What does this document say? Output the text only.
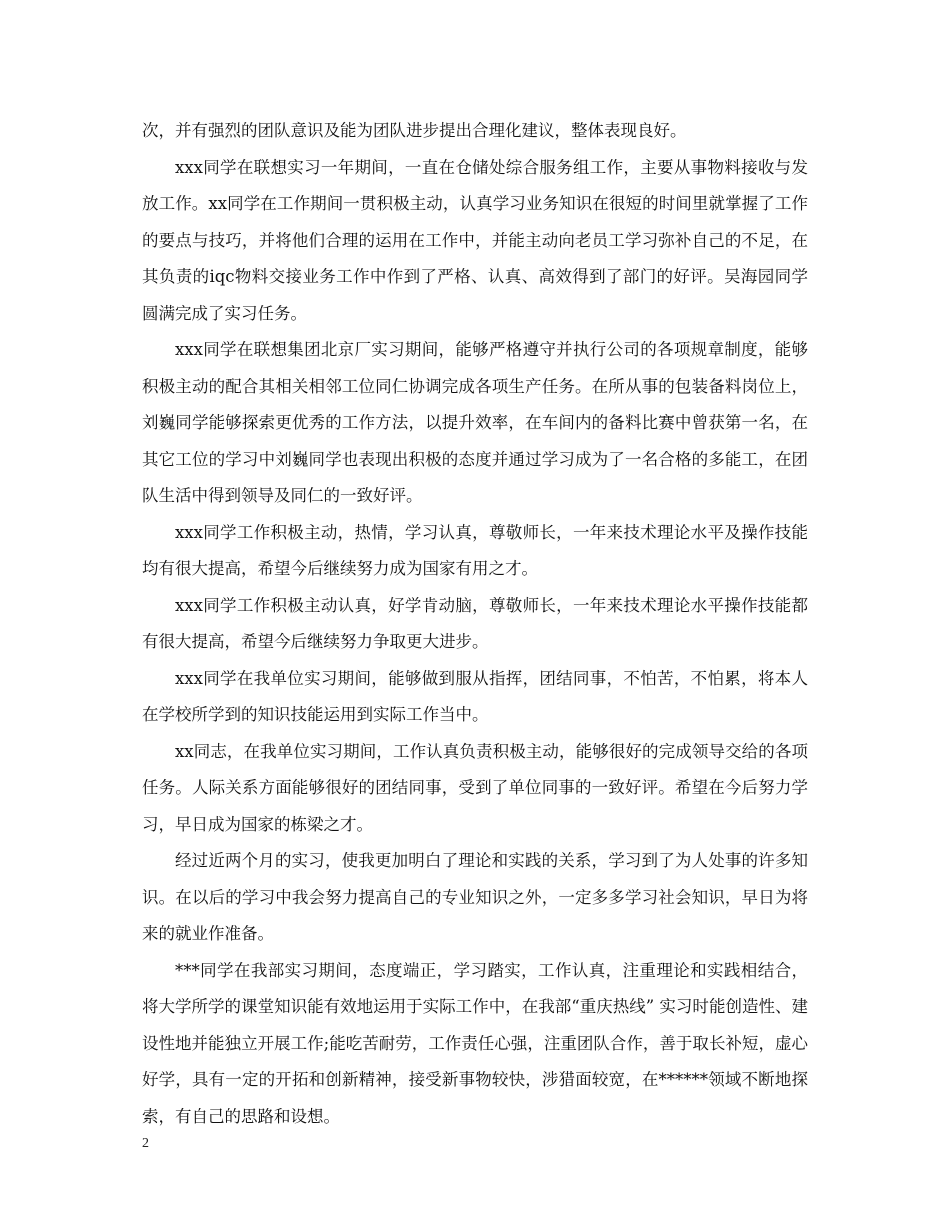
次，并有强烈的团队意识及能为团队进步提出合理化建议，整体表现良好。

xxx同学在联想实习一年期间，一直在仓储处综合服务组工作，主要从事物料接收与发放工作。xx同学在工作期间一贯积极主动，认真学习业务知识在很短的时间里就掌握了工作的要点与技巧，并将他们合理的运用在工作中，并能主动向老员工学习弥补自己的不足，在其负责的iqc物料交接业务工作中作到了严格、认真、高效得到了部门的好评。吴海园同学圆满完成了实习任务。

xxx同学在联想集团北京厂实习期间，能够严格遵守并执行公司的各项规章制度，能够积极主动的配合其相关相邻工位同仁协调完成各项生产任务。在所从事的包装备料岗位上，刘巍同学能够探索更优秀的工作方法，以提升效率，在车间内的备料比赛中曾获第一名，在其它工位的学习中刘巍同学也表现出积极的态度并通过学习成为了一名合格的多能工，在团队生活中得到领导及同仁的一致好评。

xxx同学工作积极主动，热情，学习认真，尊敬师长，一年来技术理论水平及操作技能均有很大提高，希望今后继续努力成为国家有用之才。

xxx同学工作积极主动认真，好学肯动脑，尊敬师长，一年来技术理论水平操作技能都有很大提高，希望今后继续努力争取更大进步。

xxx同学在我单位实习期间，能够做到服从指挥，团结同事，不怕苦，不怕累，将本人在学校所学到的知识技能运用到实际工作当中。

xx同志，在我单位实习期间，工作认真负责积极主动，能够很好的完成领导交给的各项任务。人际关系方面能够很好的团结同事，受到了单位同事的一致好评。希望在今后努力学习，早日成为国家的栋梁之才。

经过近两个月的实习，使我更加明白了理论和实践的关系，学习到了为人处事的许多知识。在以后的学习中我会努力提高自己的专业知识之外，一定多多学习社会知识，早日为将来的就业作准备。

***同学在我部实习期间，态度端正，学习踏实，工作认真，注重理论和实践相结合，将大学所学的课堂知识能有效地运用于实际工作中，在我部“重庆热线” 实习时能创造性、建设性地并能独立开展工作;能吃苦耐劳，工作责任心强，注重团队合作，善于取长补短，虚心好学，具有一定的开拓和创新精神，接受新事物较快，涉猎面较宽，在******领域不断地探索，有自己的思路和设想。

2
